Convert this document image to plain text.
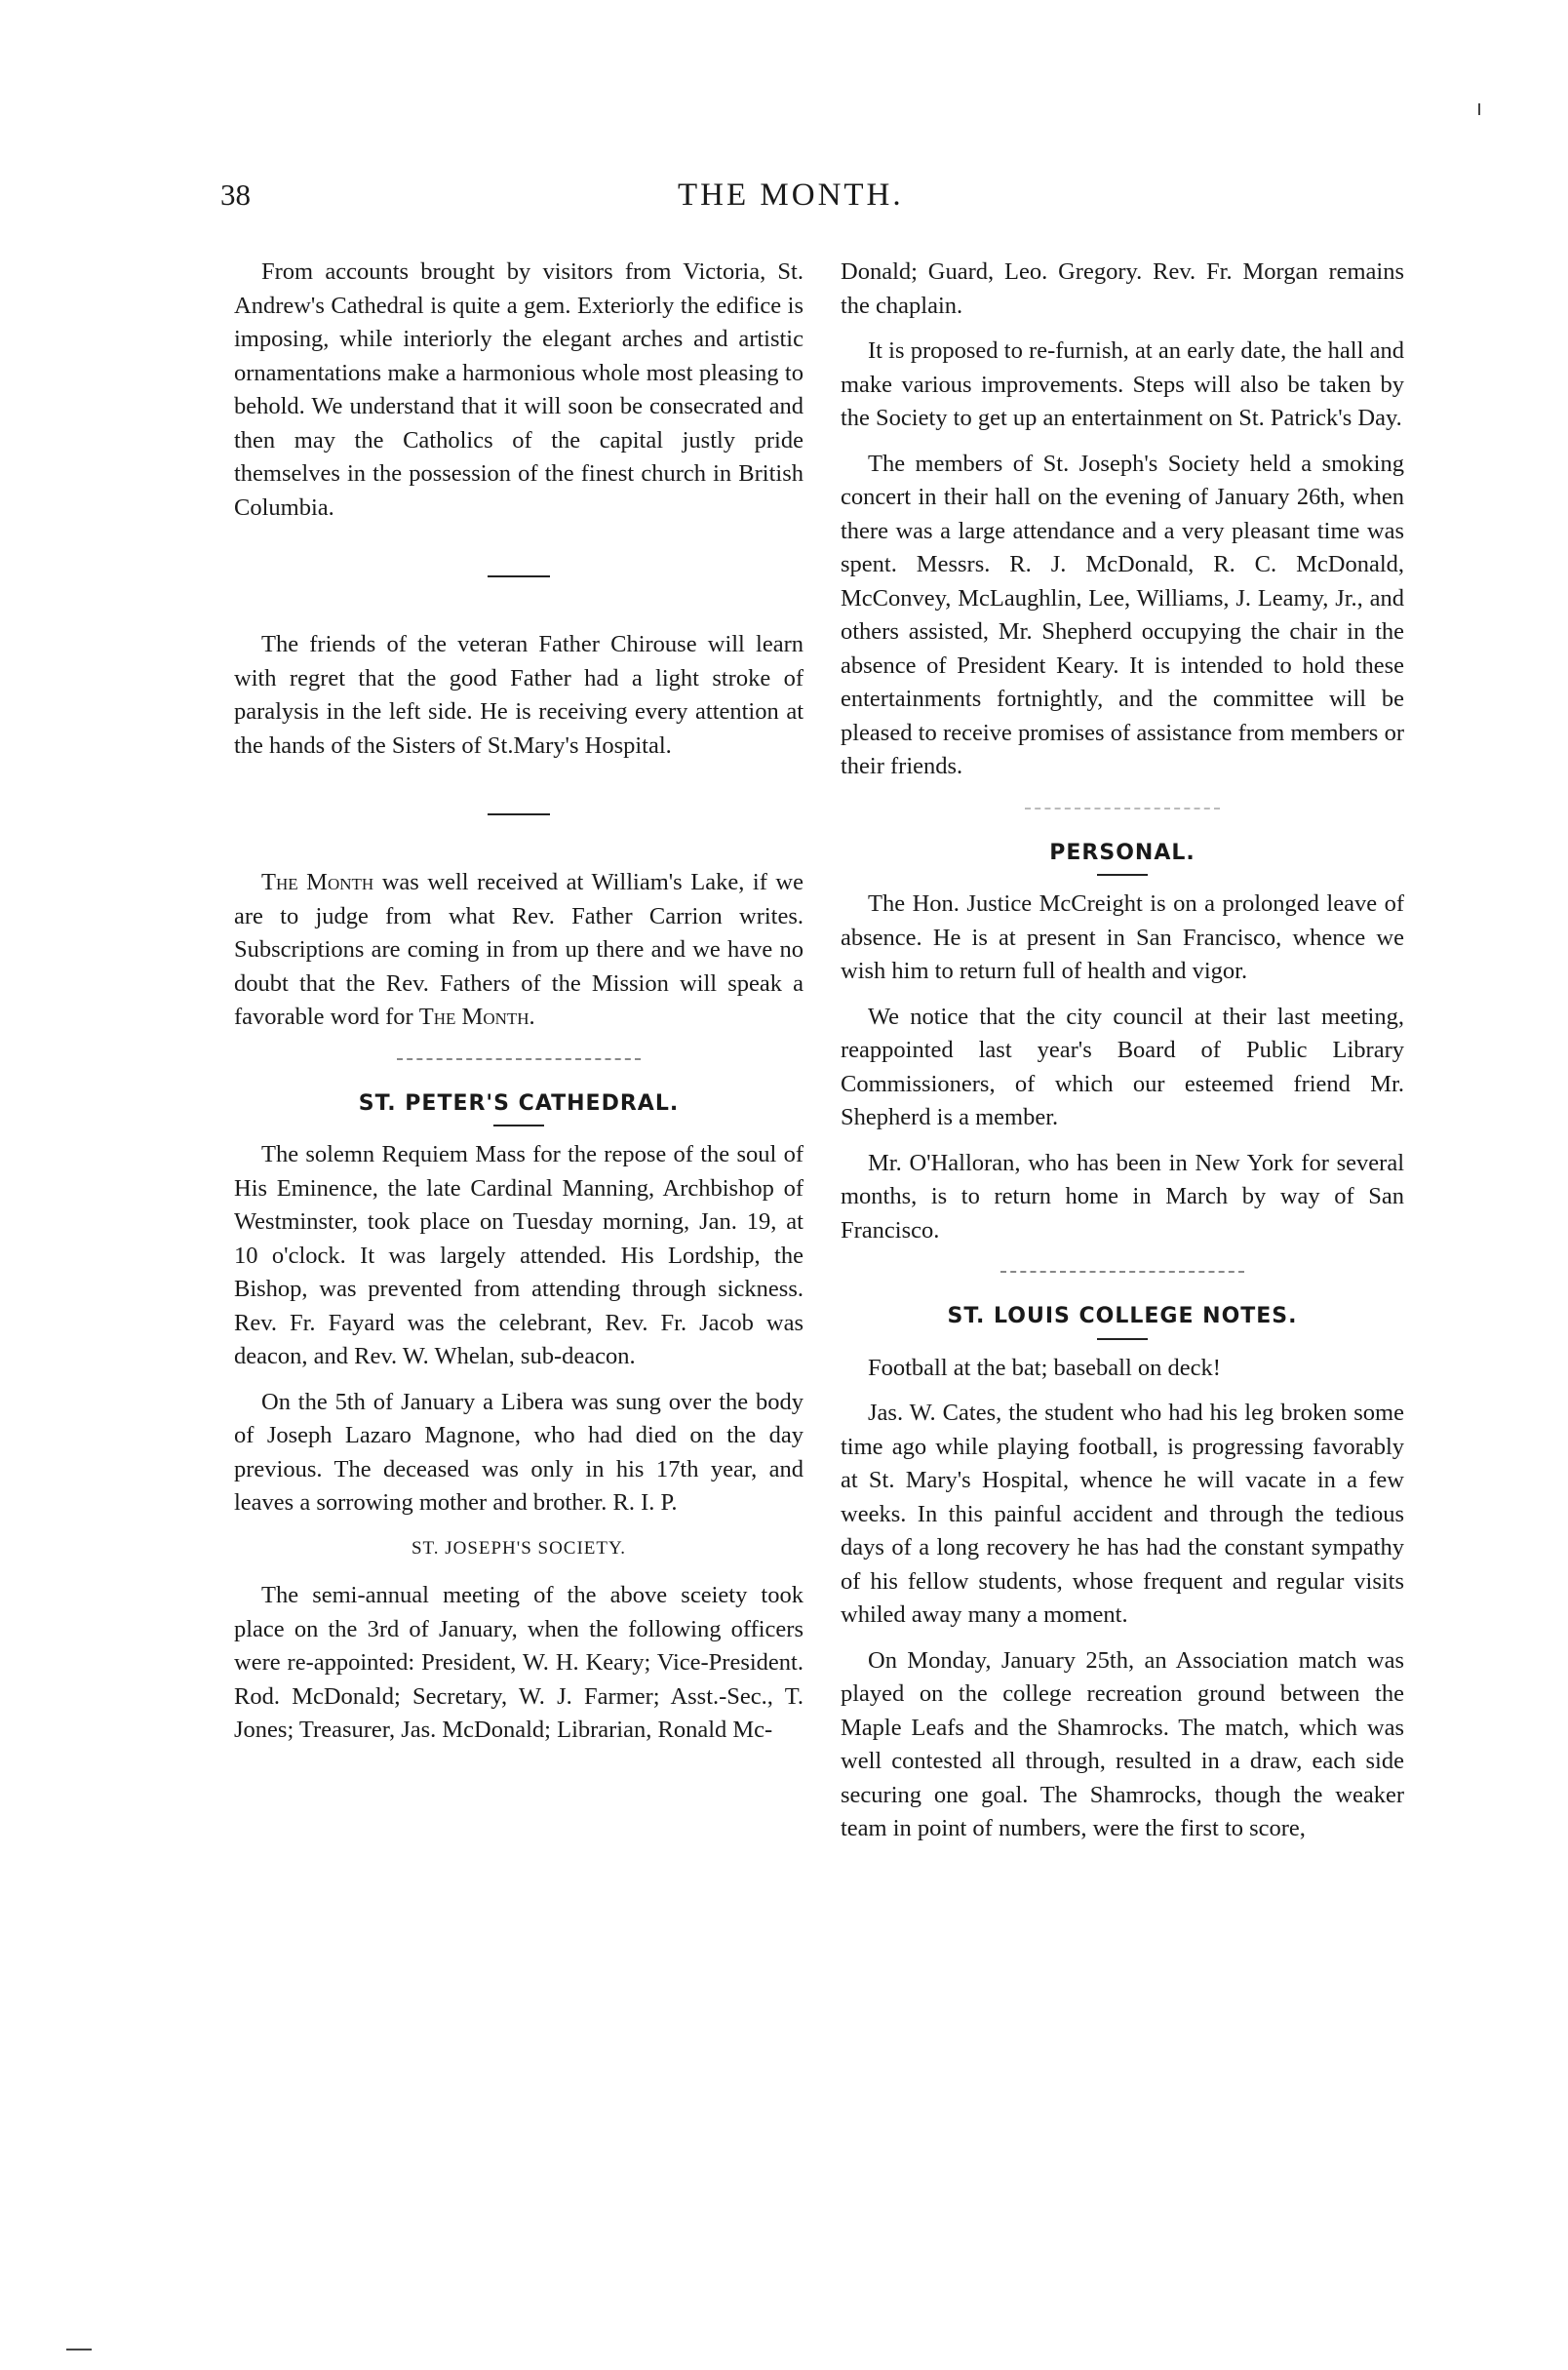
38	THE MONTH.

From accounts brought by visitors from Victoria, St. Andrew's Cathedral is quite a gem. Exteriorly the edifice is imposing, while interiorly the elegant arches and artistic ornamentations make a harmonious whole most pleasing to behold. We understand that it will soon be consecrated and then may the Catholics of the capital justly pride themselves in the possession of the finest church in British Columbia.

The friends of the veteran Father Chirouse will learn with regret that the good Father had a light stroke of paralysis in the left side. He is receiving every attention at the hands of the Sisters of St.Mary's Hospital.

The Month was well received at William's Lake, if we are to judge from what Rev. Father Carrion writes. Subscriptions are coming in from up there and we have no doubt that the Rev. Fathers of the Mission will speak a favorable word for The Month.

ST. PETER'S CATHEDRAL.

The solemn Requiem Mass for the repose of the soul of His Eminence, the late Cardinal Manning, Archbishop of Westminster, took place on Tuesday morning, Jan. 19, at 10 o'clock. It was largely attended. His Lordship, the Bishop, was prevented from attending through sickness. Rev. Fr. Fayard was the celebrant, Rev. Fr. Jacob was deacon, and Rev. W. Whelan, sub-deacon.

On the 5th of January a Libera was sung over the body of Joseph Lazaro Magnone, who had died on the day previous. The deceased was only in his 17th year, and leaves a sorrowing mother and brother. R. I. P.

ST. JOSEPH'S SOCIETY.

The semi-annual meeting of the above sceiety took place on the 3rd of January, when the following officers were re-appointed: President, W. H. Keary; Vice-President. Rod. McDonald; Secretary, W. J. Farmer; Asst.-Sec., T. Jones; Treasurer, Jas. McDonald; Librarian, Ronald Mc-

Donald; Guard, Leo. Gregory. Rev. Fr. Morgan remains the chaplain.

It is proposed to re-furnish, at an early date, the hall and make various improvements. Steps will also be taken by the Society to get up an entertainment on St. Patrick's Day.

The members of St. Joseph's Society held a smoking concert in their hall on the evening of January 26th, when there was a large attendance and a very pleasant time was spent. Messrs. R. J. McDonald, R. C. McDonald, McConvey, McLaughlin, Lee, Williams, J. Leamy, Jr., and others assisted, Mr. Shepherd occupying the chair in the absence of President Keary. It is intended to hold these entertainments fortnightly, and the committee will be pleased to receive promises of assistance from members or their friends.

PERSONAL.

The Hon. Justice McCreight is on a prolonged leave of absence. He is at present in San Francisco, whence we wish him to return full of health and vigor.

We notice that the city council at their last meeting, reappointed last year's Board of Public Library Commissioners, of which our esteemed friend Mr. Shepherd is a member.

Mr. O'Halloran, who has been in New York for several months, is to return home in March by way of San Francisco.

ST. LOUIS COLLEGE NOTES.

Football at the bat; baseball on deck!

Jas. W. Cates, the student who had his leg broken some time ago while playing football, is progressing favorably at St. Mary's Hospital, whence he will vacate in a few weeks. In this painful accident and through the tedious days of a long recovery he has had the constant sympathy of his fellow students, whose frequent and regular visits whiled away many a moment.

On Monday, January 25th, an Association match was played on the college recreation ground between the Maple Leafs and the Shamrocks. The match, which was well contested all through, resulted in a draw, each side securing one goal. The Shamrocks, though the weaker team in point of numbers, were the first to score,
